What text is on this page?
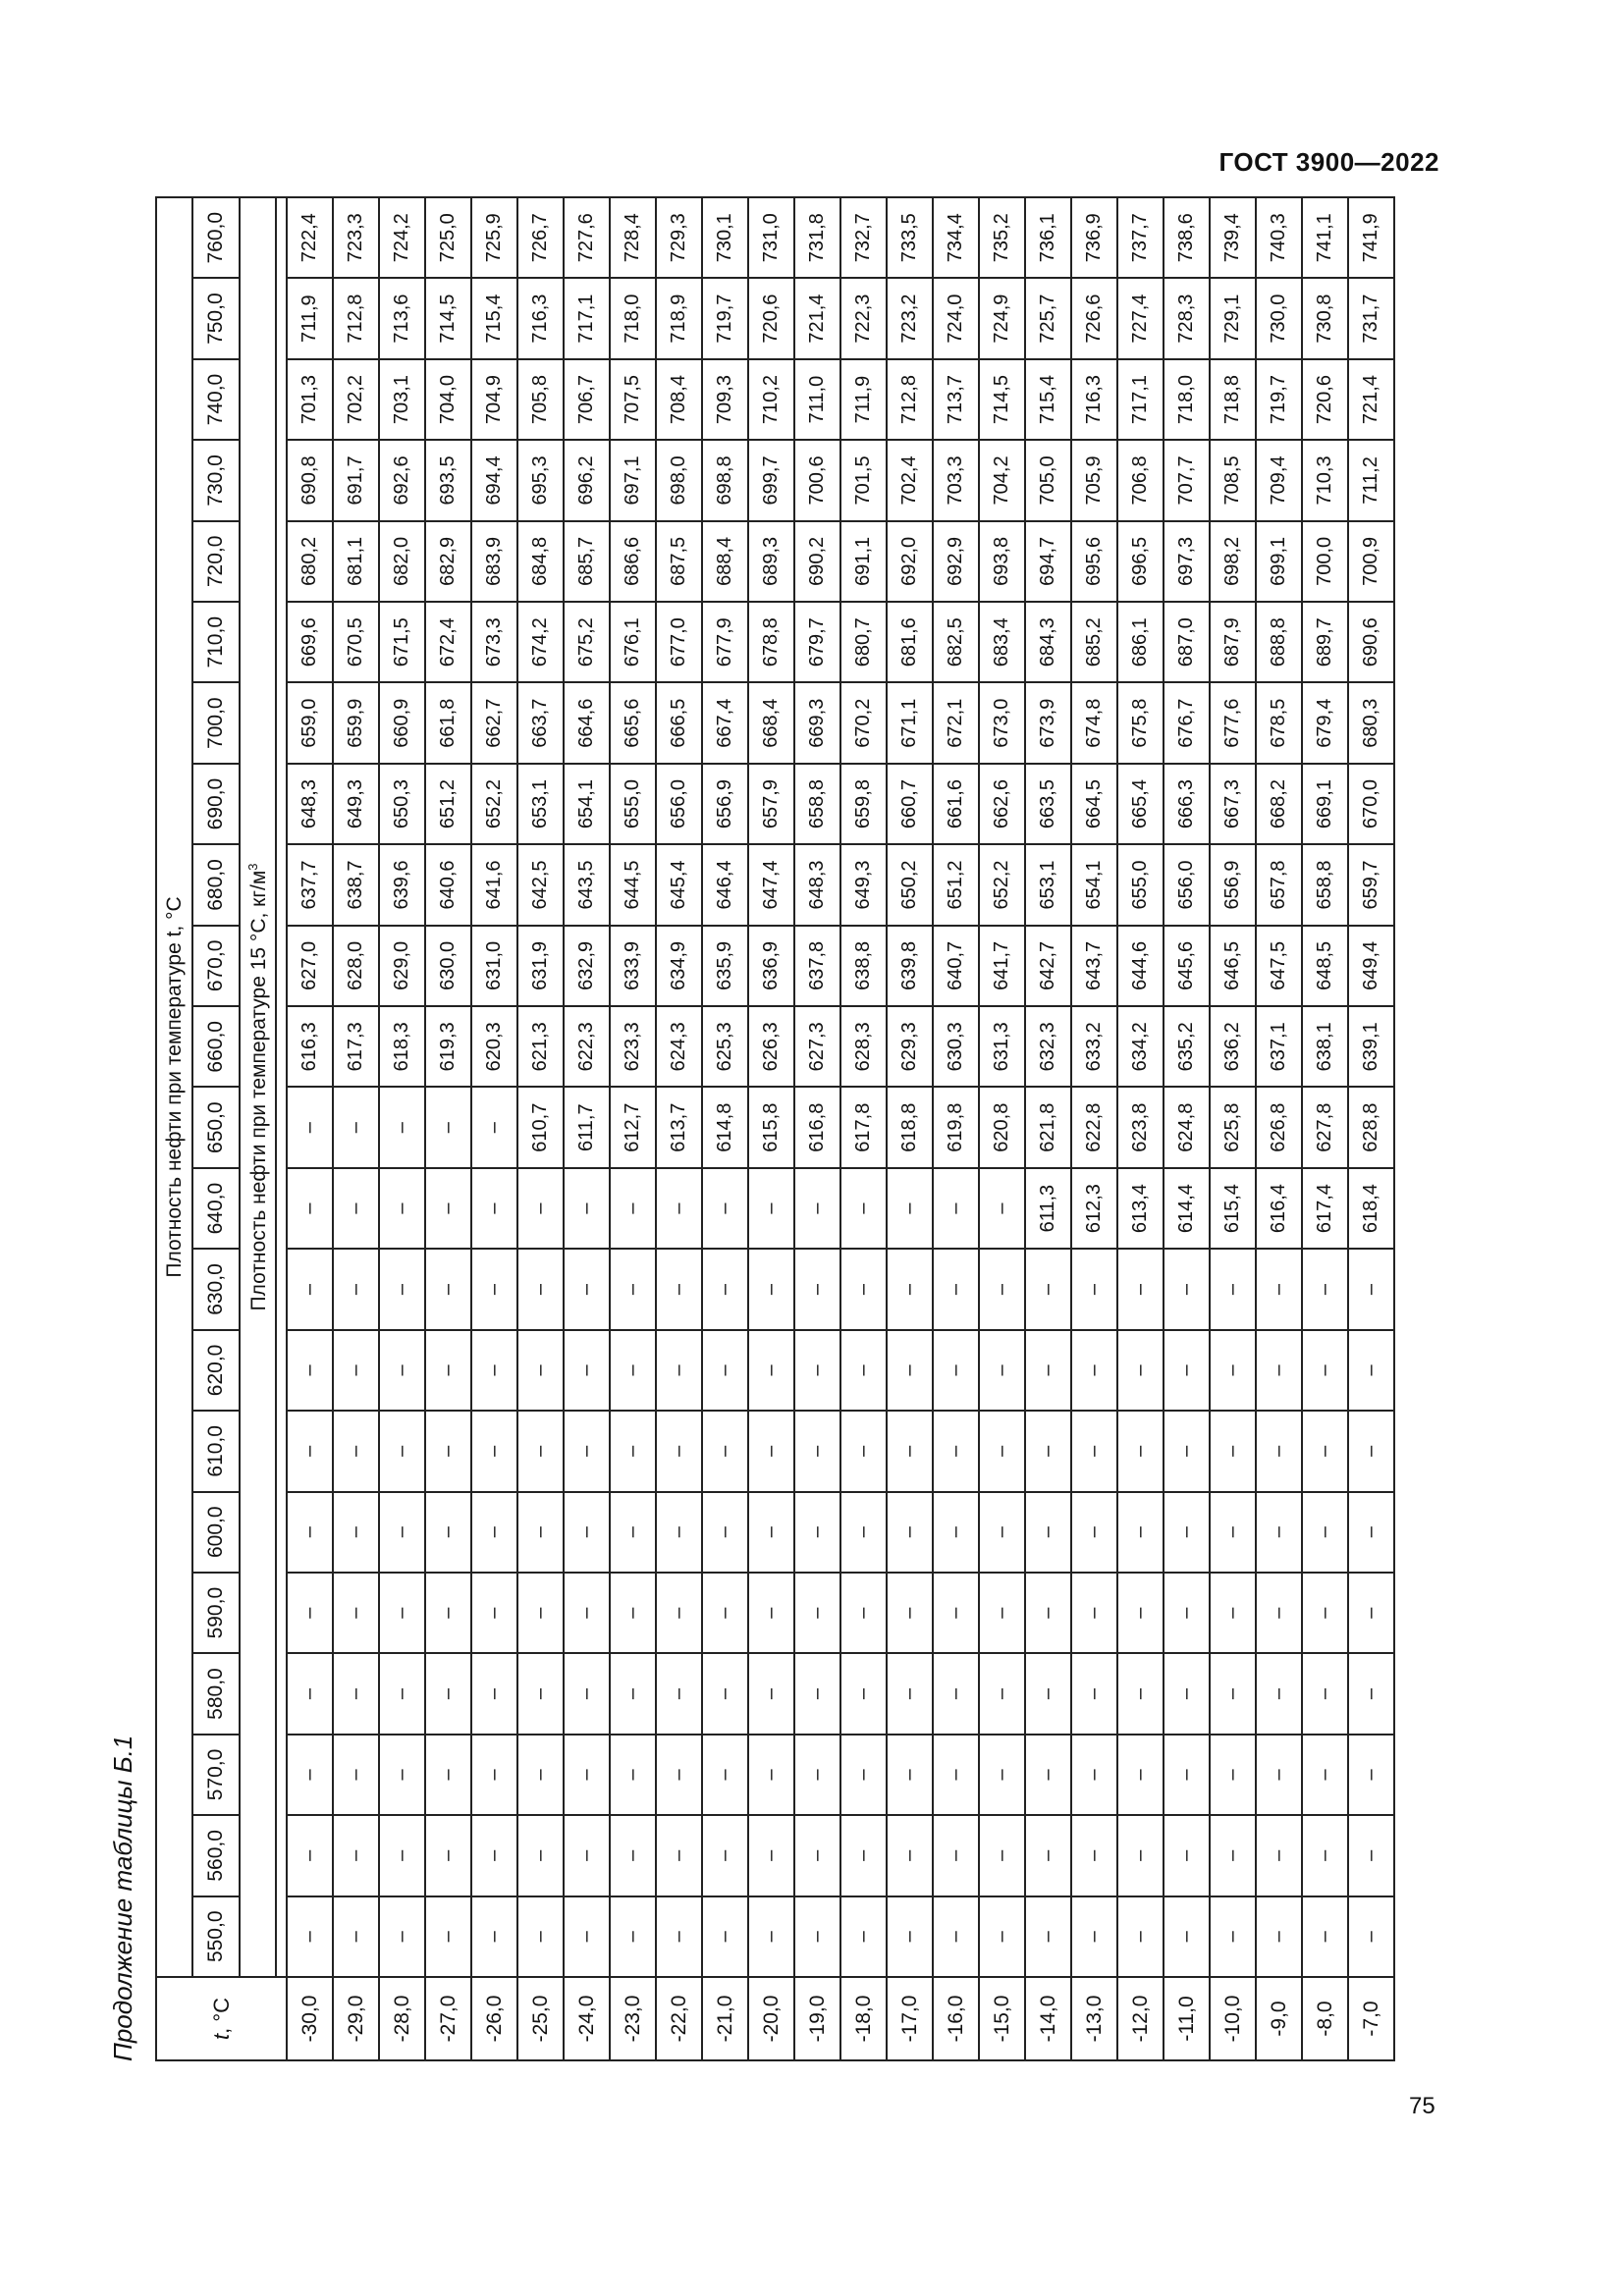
ГОСТ 3900—2022
Продолжение таблицы Б.1	t, °C	Плотность нефти при температуре t, °C																					
	550,0	560,0	570,0	580,0	590,0	600,0	610,0	620,0	630,0	640,0	650,0	660,0	670,0	680,0	690,0	700,0	710,0	720,0	730,0	740,0	750,0	760,0
	Плотность нефти при температуре 15 °C, $кг/м^3$

-30,0	–	–	–	–	–	–	–	–	–	–	–	616,3	627,0	637,7	648,3	659,0	669,6	680,2	690,8	701,3	711,9	722,4
-29,0	–	–	–	–	–	–	–	–	–	–	–	617,3	628,0	638,7	649,3	659,9	670,5	681,1	691,7	702,2	712,8	723,3
-28,0	–	–	–	–	–	–	–	–	–	–	–	618,3	629,0	639,6	650,3	660,9	671,5	682,0	692,6	703,1	713,6	724,2
-27,0	–	–	–	–	–	–	–	–	–	–	–	619,3	630,0	640,6	651,2	661,8	672,4	682,9	693,5	704,0	714,5	725,0
-26,0	–	–	–	–	–	–	–	–	–	–	–	620,3	631,0	641,6	652,2	662,7	673,3	683,9	694,4	704,9	715,4	725,9
-25,0	–	–	–	–	–	–	–	–	–	–	610,7	621,3	631,9	642,5	653,1	663,7	674,2	684,8	695,3	705,8	716,3	726,7
-24,0	–	–	–	–	–	–	–	–	–	–	611,7	622,3	632,9	643,5	654,1	664,6	675,2	685,7	696,2	706,7	717,1	727,6
-23,0	–	–	–	–	–	–	–	–	–	–	612,7	623,3	633,9	644,5	655,0	665,6	676,1	686,6	697,1	707,5	718,0	728,4
-22,0	–	–	–	–	–	–	–	–	–	–	613,7	624,3	634,9	645,4	656,0	666,5	677,0	687,5	698,0	708,4	718,9	729,3
-21,0	–	–	–	–	–	–	–	–	–	–	614,8	625,3	635,9	646,4	656,9	667,4	677,9	688,4	698,8	709,3	719,7	730,1
-20,0	–	–	–	–	–	–	–	–	–	–	615,8	626,3	636,9	647,4	657,9	668,4	678,8	689,3	699,7	710,2	720,6	731,0
-19,0	–	–	–	–	–	–	–	–	–	–	616,8	627,3	637,8	648,3	658,8	669,3	679,7	690,2	700,6	711,0	721,4	731,8
-18,0	–	–	–	–	–	–	–	–	–	–	617,8	628,3	638,8	649,3	659,8	670,2	680,7	691,1	701,5	711,9	722,3	732,7
-17,0	–	–	–	–	–	–	–	–	–	–	618,8	629,3	639,8	650,2	660,7	671,1	681,6	692,0	702,4	712,8	723,2	733,5
-16,0	–	–	–	–	–	–	–	–	–	–	619,8	630,3	640,7	651,2	661,6	672,1	682,5	692,9	703,3	713,7	724,0	734,4
-15,0	–	–	–	–	–	–	–	–	–	–	620,8	631,3	641,7	652,2	662,6	673,0	683,4	693,8	704,2	714,5	724,9	735,2
-14,0	–	–	–	–	–	–	–	–	–	611,3	621,8	632,3	642,7	653,1	663,5	673,9	684,3	694,7	705,0	715,4	725,7	736,1
-13,0	–	–	–	–	–	–	–	–	–	612,3	622,8	633,2	643,7	654,1	664,5	674,8	685,2	695,6	705,9	716,3	726,6	736,9
-12,0	–	–	–	–	–	–	–	–	–	613,4	623,8	634,2	644,6	655,0	665,4	675,8	686,1	696,5	706,8	717,1	727,4	737,7
-11,0	–	–	–	–	–	–	–	–	–	614,4	624,8	635,2	645,6	656,0	666,3	676,7	687,0	697,3	707,7	718,0	728,3	738,6
-10,0	–	–	–	–	–	–	–	–	–	615,4	625,8	636,2	646,5	656,9	667,3	677,6	687,9	698,2	708,5	718,8	729,1	739,4
-9,0	–	–	–	–	–	–	–	–	–	616,4	626,8	637,1	647,5	657,8	668,2	678,5	688,8	699,1	709,4	719,7	730,0	740,3
-8,0	–	–	–	–	–	–	–	–	–	617,4	627,8	638,1	648,5	658,8	669,1	679,4	689,7	700,0	710,3	720,6	730,8	741,1
-7,0	–	–	–	–	–	–	–	–	–	618,4	628,8	639,1	649,4	659,7	670,0	680,3	690,6	700,9	711,2	721,4	731,7	741,9
75
